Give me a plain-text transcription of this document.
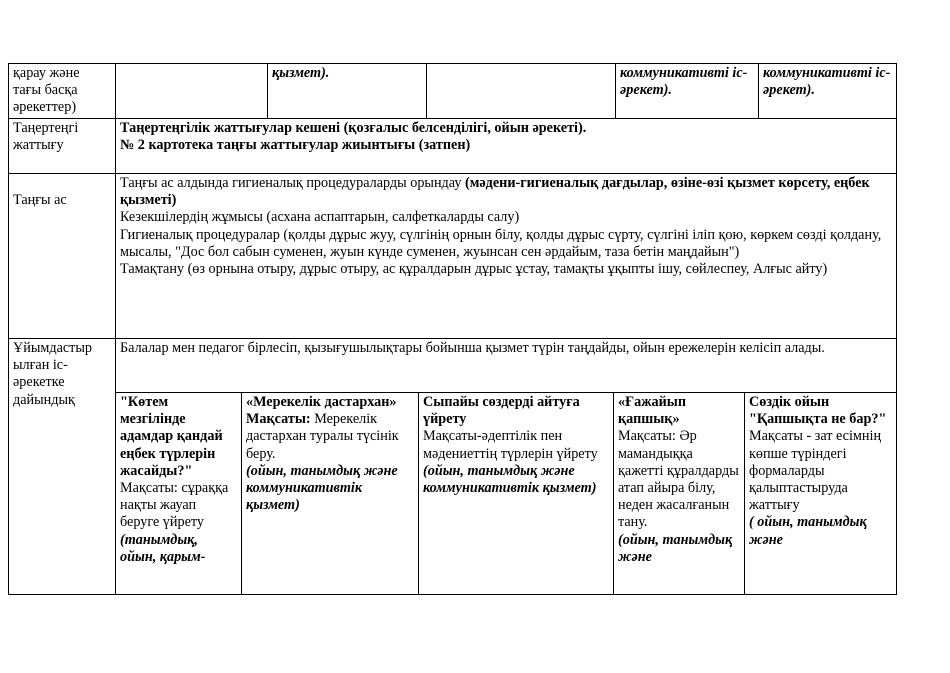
қарау және тағы басқа әрекеттер)
қызмет).	коммуникативті іс-әрекет).
коммуникативті іс-әрекет).
Таңертеңгі жаттығу

Таңертеңгілік жаттығулар кешені (қозғалыс белсенділігі, ойын әрекеті).

№ 2 картотека таңғы жаттығулар жиынтығы (затпен)

Таңғы ас

Таңғы ас алдында гигиеналық процедураларды орындау (мәдени-гигиеналық дағдылар, өзіне-өзі қызмет көрсету, еңбек қызметі)

Кезекшілердің жұмысы (асхана аспаптарын, салфеткаларды салу)

Гигиеналық процедуралар (қолды дұрыс жуу, сүлгінің орнын білу, қолды дұрыс сүрту, сүлгіні іліп қою, көркем сөзді қолдану, мысалы, "Дос бол сабын суменен, жуын күнде суменен, жуынсан сен әрдайым, таза бетін маңдайын")

Тамақтану (өз орнына отыру, дұрыс отыру, ас құралдарын дұрыс ұстау, тамақты ұқыпты ішу, сөйлеспеу, Алғыс айту)

Ұйымдастыр ылған іс-әрекетке дайындық
Балалар мен педагог бірлесіп, қызығушылықтары бойынша қызмет түрін таңдайды, ойын ережелерін келісіп алады.

"Көтем мезгілінде адамдар қандай еңбек түрлерін жасайды?"

Мақсаты: сұраққа нақты жауап беруге үйрету

(танымдық, ойын, қарым-

«Мерекелік дастархан»

Мақсаты: Мерекелік дастархан туралы түсінік беру.

(ойын, танымдық және коммуникативтік қызмет)

Сыпайы сөздерді айтуға үйрету

Мақсаты-әдептілік пен мәдениеттің түрлерін үйрету

(ойын, танымдық және коммуникативтік қызмет)

«Ғажайып қапшық»

Мақсаты: Әр мамандыққа қажетті құралдарды атап айыра білу, неден жасалғанын тану.

(ойын, танымдық және

Сөздік ойын "Қапшықта не бар?"

Мақсаты - зат есімнің көпше түріндегі формаларды қалыптастыруда жаттығу

( ойын, танымдық және
